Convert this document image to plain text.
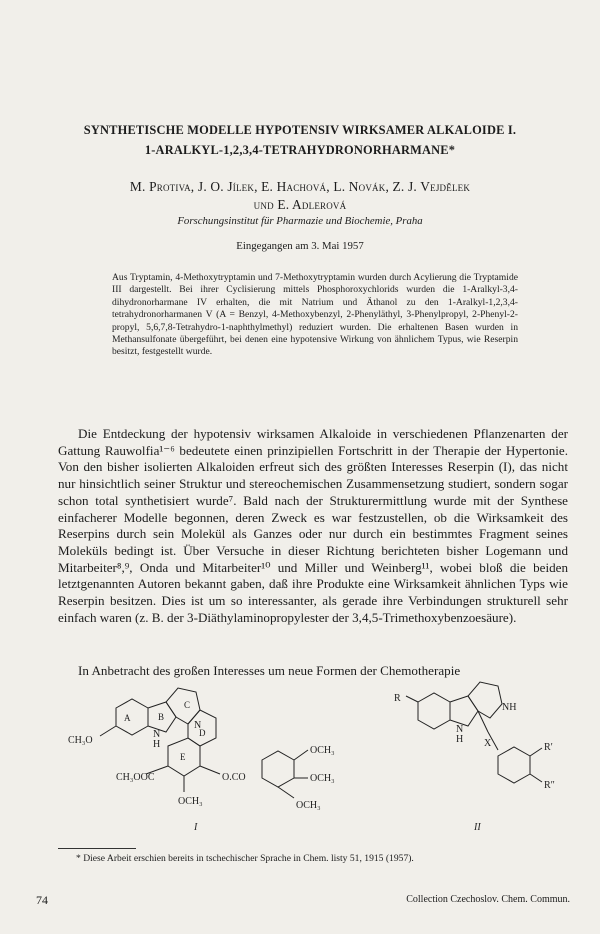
SYNTHETISCHE MODELLE HYPOTENSIV WIRKSAMER ALKALOIDE I.
1-ARALKYL-1,2,3,4-TETRAHYDRONORHARMANE*
M. Protiva, J. O. Jílek, E. Hachová, L. Novák, Z. J. Vejdělek
und E. Adlerová
Forschungsinstitut für Pharmazie und Biochemie, Praha
Eingegangen am 3. Mai 1957

Aus Tryptamin, 4-Methoxytryptamin und 7-Methoxytryptamin wurden durch Acylierung die Tryptamide III dargestellt. Bei ihrer Cyclisierung mittels Phosphoroxychlorids wurden die 1-Aralkyl-3,4-dihydronorharmane IV erhalten, die mit Natrium und Äthanol zu den 1-Aralkyl-1,2,3,4-tetrahydronorharmanen V (A = Benzyl, 4-Methoxybenzyl, 2-Phenyläthyl, 3-Phenylpropyl, 2-Phenyl-2-propyl, 5,6,7,8-Tetrahydro-1-naphthylmethyl) reduziert wurden. Die erhaltenen Basen wurden in Methansulfonate übergeführt, bei denen eine hypotensive Wirkung von ähnlichem Typus, wie Reserpin besitzt, festgestellt wurde.

Die Entdeckung der hypotensiv wirksamen Alkaloide in verschiedenen Pflanzenarten der Gattung Rauwolfia¹⁻⁶ bedeutete einen prinzipiellen Fortschritt in der Therapie der Hypertonie. Von den bisher isolierten Alkaloiden erfreut sich des größten Interesses Reserpin (I), das nicht nur hinsichtlich seiner Struktur und stereochemischen Zusammensetzung studiert, sondern sogar schon total synthetisiert wurde⁷. Bald nach der Strukturermittlung wurde mit der Synthese einfacherer Modelle begonnen, deren Zweck es war festzustellen, ob die Wirksamkeit des Reserpins durch sein Molekül als Ganzes oder nur durch ein bestimmtes Fragment seines Moleküls bedingt ist. Über Versuche in dieser Richtung berichteten bisher Logemann und Mitarbeiter⁸,⁹, Onda und Mitarbeiter¹⁰ und Miller und Weinberg¹¹, wobei bloß die beiden letztgenannten Autoren bekannt gaben, daß ihre Produkte eine Wirksamkeit ähnlichen Typs wie Reserpin besitzen. Dies ist um so interessanter, als gerade ihre Verbindungen strukturell sehr einfach waren (z. B. der 3-Diäthylaminopropylester der 3,4,5-Trimethoxybenzoesäure).

In Anbetracht des großen Interesses um neue Formen der Chemotherapie

A	B
C
D
E
CH₃O
N
H
N
CH₃OOC	O.CO
OCH₃
OCH₃
OCH₃
OCH₃
I
R
N
H
NH
X	R′
R″
II
* Diese Arbeit erschien bereits in tschechischer Sprache in Chem. listy 51, 1915 (1957).
74	Collection Czechoslov. Chem. Commun.
